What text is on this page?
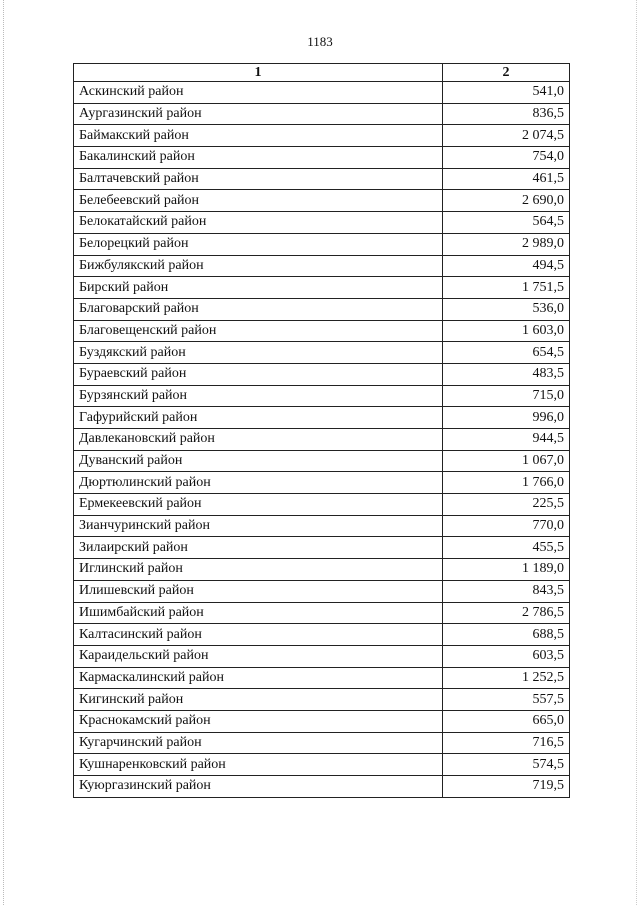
1183
1	2
Аскинский район	541,0
Аургазинский район	836,5
Баймакский район	2 074,5
Бакалинский район	754,0
Балтачевский район	461,5
Белебеевский район	2 690,0
Белокатайский район	564,5
Белорецкий район	2 989,0
Бижбулякский район	494,5
Бирский район	1 751,5
Благоварский район	536,0
Благовещенский район	1 603,0
Буздякский район	654,5
Бураевский район	483,5
Бурзянский район	715,0
Гафурийский район	996,0
Давлекановский район	944,5
Дуванский район	1 067,0
Дюртюлинский район	1 766,0
Ермекеевский район	225,5
Зианчуринский район	770,0
Зилаирский район	455,5
Иглинский район	1 189,0
Илишевский район	843,5
Ишимбайский район	2 786,5
Калтасинский район	688,5
Караидельский район	603,5
Кармаскалинский район	1 252,5
Кигинский район	557,5
Краснокамский район	665,0
Кугарчинский район	716,5
Кушнаренковский район	574,5
Куюргазинский район	719,5
